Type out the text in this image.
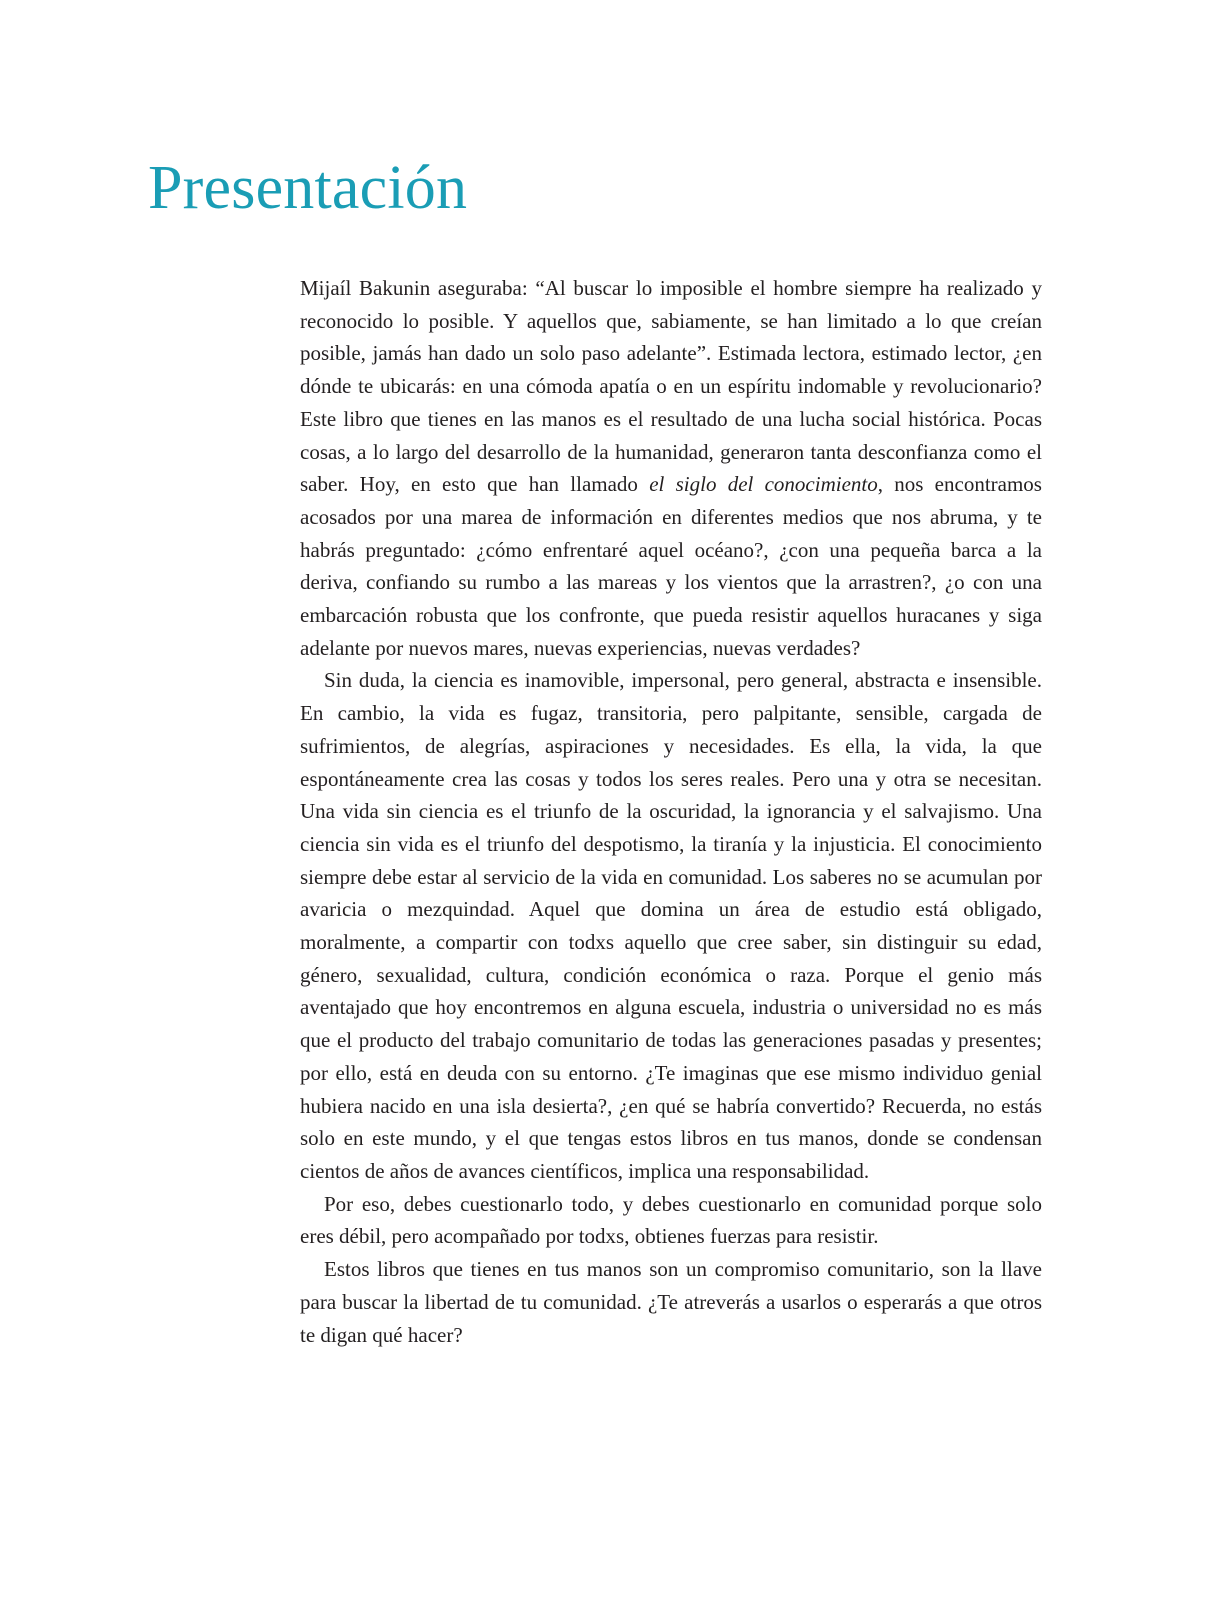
Presentación

Mijaíl Bakunin aseguraba: “Al buscar lo imposible el hombre siempre ha realizado y reconocido lo posible. Y aquellos que, sabiamente, se han limitado a lo que creían posible, jamás han dado un solo paso adelante”. Estimada lectora, estimado lector, ¿en dónde te ubicarás: en una cómoda apatía o en un espíritu indomable y revolucionario? Este libro que tienes en las manos es el resultado de una lucha social histórica. Pocas cosas, a lo largo del desarrollo de la humanidad, generaron tanta desconfianza como el saber. Hoy, en esto que han llamado el siglo del conocimiento, nos encontramos acosados por una marea de información en diferentes medios que nos abruma, y te habrás preguntado: ¿cómo enfrentaré aquel océano?, ¿con una pequeña barca a la deriva, confiando su rumbo a las mareas y los vientos que la arrastren?, ¿o con una embarcación robusta que los confronte, que pueda resistir aquellos huracanes y siga adelante por nuevos mares, nuevas experiencias, nuevas verdades?

Sin duda, la ciencia es inamovible, impersonal, pero general, abstracta e insensible. En cambio, la vida es fugaz, transitoria, pero palpitante, sensible, cargada de sufrimientos, de alegrías, aspiraciones y necesidades. Es ella, la vida, la que espontáneamente crea las cosas y todos los seres reales. Pero una y otra se necesitan. Una vida sin ciencia es el triunfo de la oscuridad, la ignorancia y el salvajismo. Una ciencia sin vida es el triunfo del despotismo, la tiranía y la injusticia. El conocimiento siempre debe estar al servicio de la vida en comunidad. Los saberes no se acumulan por avaricia o mezquindad. Aquel que domina un área de estudio está obligado, moralmente, a compartir con todxs aquello que cree saber, sin distinguir su edad, género, sexualidad, cultura, condición económica o raza. Porque el genio más aventajado que hoy encontremos en alguna escuela, industria o universidad no es más que el producto del trabajo comunitario de todas las generaciones pasadas y presentes; por ello, está en deuda con su entorno. ¿Te imaginas que ese mismo individuo genial hubiera nacido en una isla desierta?, ¿en qué se habría convertido? Recuerda, no estás solo en este mundo, y el que tengas estos libros en tus manos, donde se condensan cientos de años de avances científicos, implica una responsabilidad.

Por eso, debes cuestionarlo todo, y debes cuestionarlo en comunidad porque solo eres débil, pero acompañado por todxs, obtienes fuerzas para resistir.

Estos libros que tienes en tus manos son un compromiso comunitario, son la llave para buscar la libertad de tu comunidad. ¿Te atreverás a usarlos o esperarás a que otros te digan qué hacer?
